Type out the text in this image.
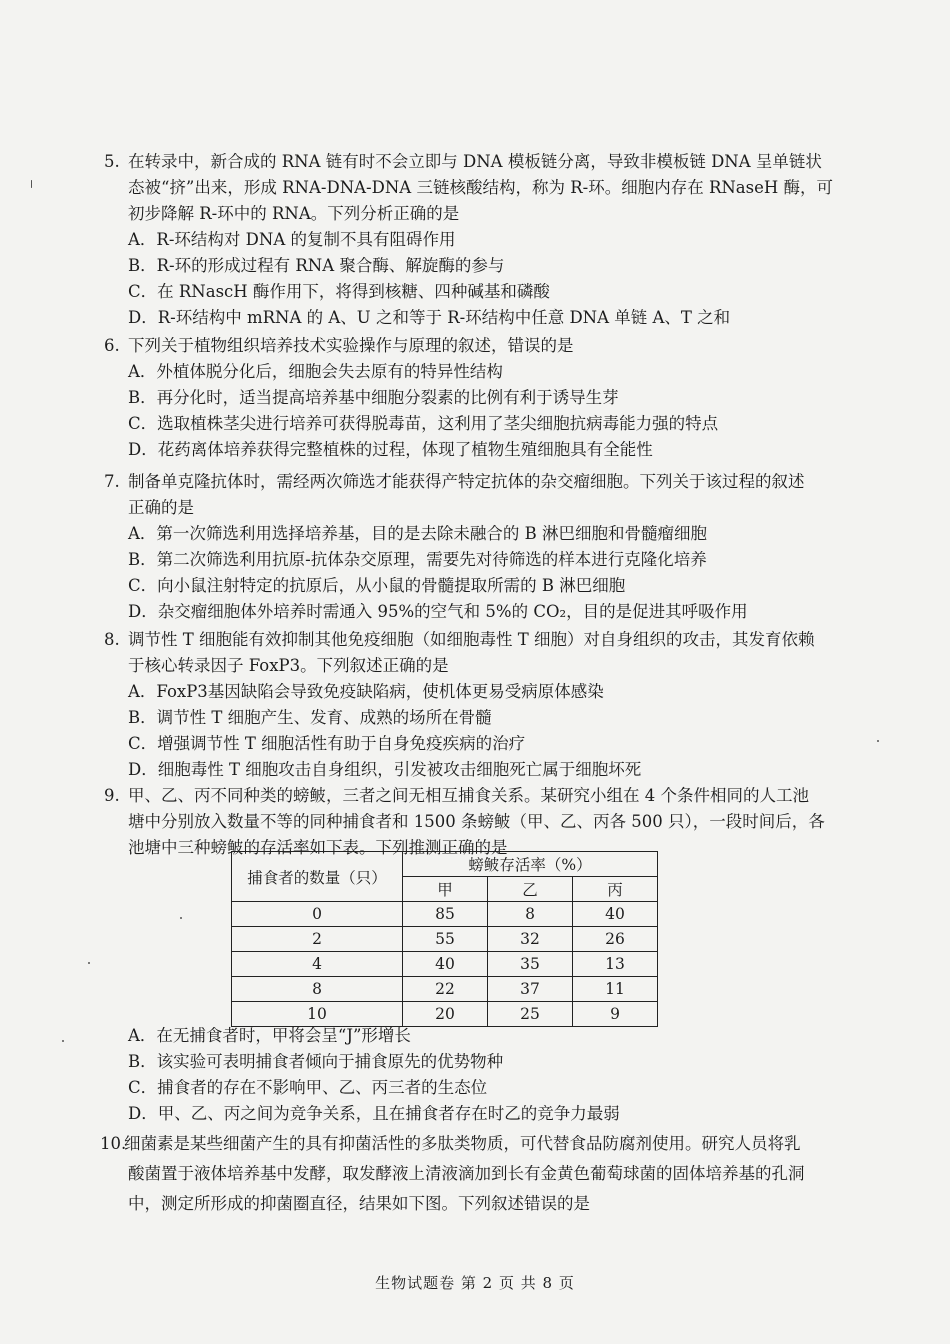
5. 在转录中，新合成的 RNA 链有时不会立即与 DNA 模板链分离，导致非模板链 DNA 呈单链状
态被“挤”出来，形成 RNA-DNA-DNA 三链核酸结构，称为 R-环。细胞内存在 RNaseH 酶，可
初步降解 R-环中的 RNA。下列分析正确的是
A．R-环结构对 DNA 的复制不具有阻碍作用
B．R-环的形成过程有 RNA 聚合酶、解旋酶的参与
C．在 RNascH 酶作用下，将得到核糖、四种碱基和磷酸
D．R-环结构中 mRNA 的 A、U 之和等于 R-环结构中任意 DNA 单链 A、T 之和
6. 下列关于植物组织培养技术实验操作与原理的叙述，错误的是
A．外植体脱分化后，细胞会失去原有的特异性结构
B．再分化时，适当提高培养基中细胞分裂素的比例有利于诱导生芽
C．选取植株茎尖进行培养可获得脱毒苗，这利用了茎尖细胞抗病毒能力强的特点
D．花药离体培养获得完整植株的过程，体现了植物生殖细胞具有全能性
7. 制备单克隆抗体时，需经两次筛选才能获得产特定抗体的杂交瘤细胞。下列关于该过程的叙述
正确的是
A．第一次筛选利用选择培养基，目的是去除未融合的 B 淋巴细胞和骨髓瘤细胞
B．第二次筛选利用抗原-抗体杂交原理，需要先对待筛选的样本进行克隆化培养
C．向小鼠注射特定的抗原后，从小鼠的骨髓提取所需的 B 淋巴细胞
D．杂交瘤细胞体外培养时需通入 95%的空气和 5%的 CO₂，目的是促进其呼吸作用
8. 调节性 T 细胞能有效抑制其他免疫细胞（如细胞毒性 T 细胞）对自身组织的攻击，其发育依赖
于核心转录因子 FoxP3。下列叙述正确的是
A．FoxP3基因缺陷会导致免疫缺陷病，使机体更易受病原体感染
B．调节性 T 细胞产生、发育、成熟的场所在骨髓
C．增强调节性 T 细胞活性有助于自身免疫疾病的治疗
D．细胞毒性 T 细胞攻击自身组织，引发被攻击细胞死亡属于细胞坏死
9. 甲、乙、丙不同种类的螃鲏，三者之间无相互捕食关系。某研究小组在 4 个条件相同的人工池
塘中分别放入数量不等的同种捕食者和 1500 条螃鲏（甲、乙、丙各 500 只），一段时间后，各
池塘中三种螃鲏的存活率如下表。下列推测正确的是
捕食者的数量（只）	螃鲏存活率（%）		
	甲	乙	丙
0	85	8	40
2	55	32	26
4	40	35	13
8	22	37	11
10	20	25	9
A．在无捕食者时，甲将会呈“J”形增长
B．该实验可表明捕食者倾向于捕食原先的优势物种
C．捕食者的存在不影响甲、乙、丙三者的生态位
D．甲、乙、丙之间为竞争关系，且在捕食者存在时乙的竞争力最弱
10.细菌素是某些细菌产生的具有抑菌活性的多肽类物质，可代替食品防腐剂使用。研究人员将乳
酸菌置于液体培养基中发酵，取发酵液上清液滴加到长有金黄色葡萄球菌的固体培养基的孔洞
中，测定所形成的抑菌圈直径，结果如下图。下列叙述错误的是
生物试题卷 第 2 页 共 8 页
